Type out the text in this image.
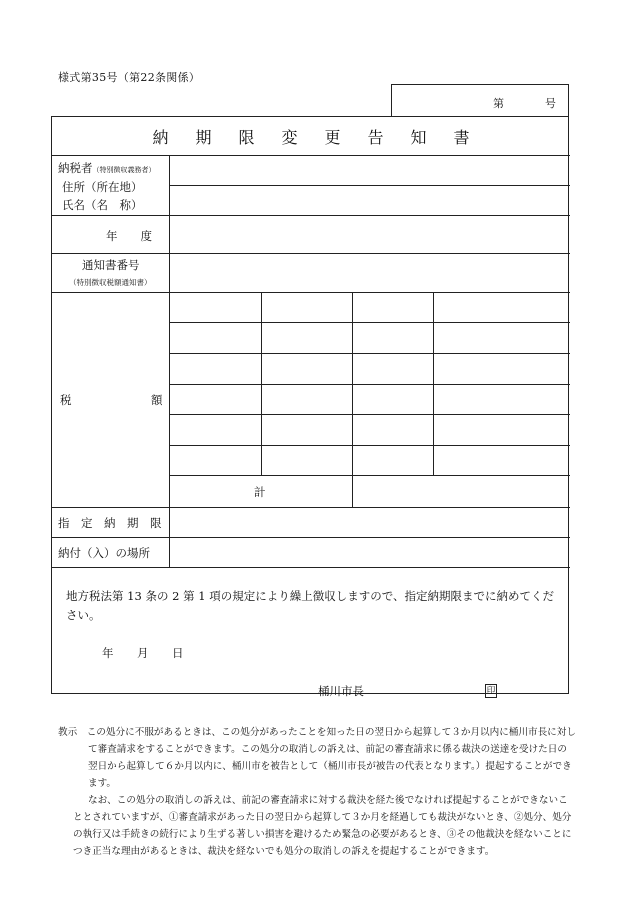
様式第35号（第22条関係）
第	号
納期限変更告知書
納税者（特別徴収義務者）
住所（所在地）
氏名（名　称）
年　　度
通知書番号
（特別徴収税額通知書）
税	額
計
指　定　納　期　限
納付（入）の場所
地方税法第 13 条の 2 第 1 項の規定により繰上徴収しますので、指定納期限までに納めてください。
年 月 日
桶川市長	印

教示　 この処分に不服があるときは、この処分があったことを知った日の翌日から起算して３か月以内に桶川市長に対して審査請求をすることができます。この処分の取消しの訴えは、前記の審査請求に係る裁決の送達を受けた日の翌日から起算して６か月以内に、桶川市を被告として（桶川市長が被告の代表となります。）提起することができます。

なお、この処分の取消しの訴えは、前記の審査請求に対する裁決を経た後でなければ提起することができないこととされていますが、①審査請求があった日の翌日から起算して３か月を経過しても裁決がないとき、②処分、処分の執行又は手続きの続行により生ずる著しい損害を避けるため緊急の必要があるとき、③その他裁決を経ないことにつき正当な理由があるときは、裁決を経ないでも処分の取消しの訴えを提起することができます。
